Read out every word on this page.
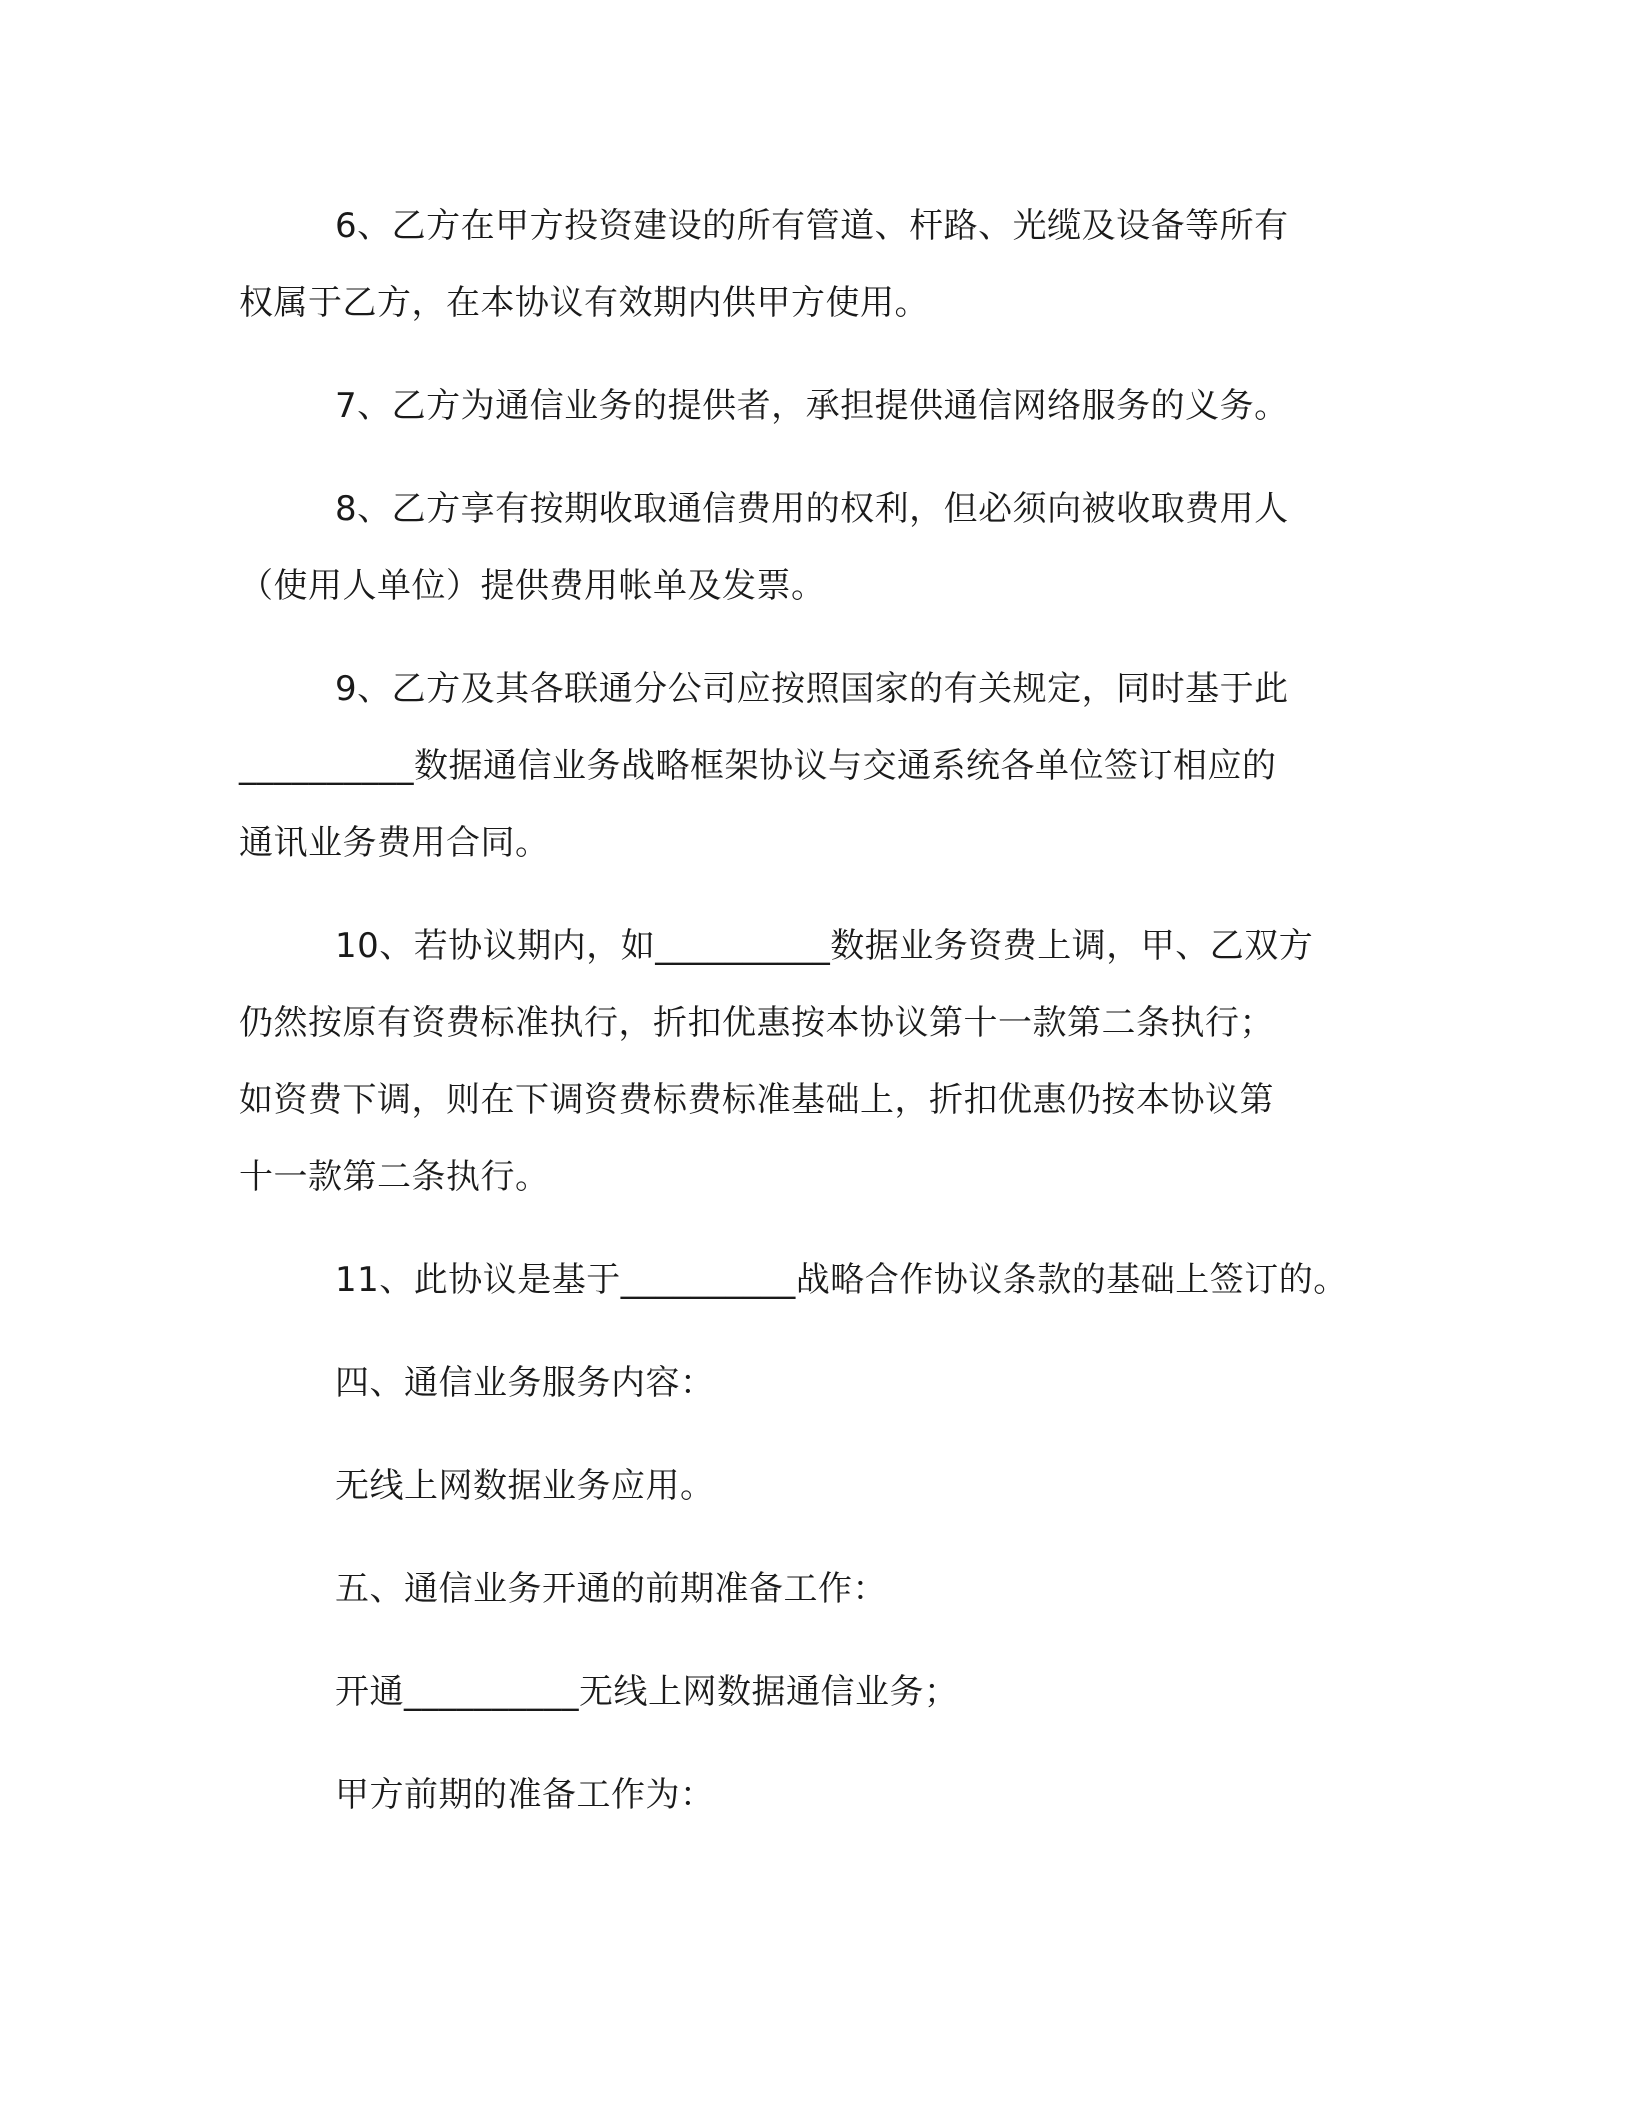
6、乙方在甲方投资建设的所有管道、杆路、光缆及设备等所有
权属于乙方，在本协议有效期内供甲方使用。

7、乙方为通信业务的提供者，承担提供通信网络服务的义务。

8、乙方享有按期收取通信费用的权利，但必须向被收取费用人
（使用人单位）提供费用帐单及发票。

9、乙方及其各联通分公司应按照国家的有关规定，同时基于此
__________数据通信业务战略框架协议与交通系统各单位签订相应的
通讯业务费用合同。

10、若协议期内，如__________数据业务资费上调，甲、乙双方
仍然按原有资费标准执行，折扣优惠按本协议第十一款第二条执行；
如资费下调，则在下调资费标费标准基础上，折扣优惠仍按本协议第
十一款第二条执行。

11、此协议是基于__________战略合作协议条款的基础上签订的。

四、通信业务服务内容：

无线上网数据业务应用。

五、通信业务开通的前期准备工作：

开通__________无线上网数据通信业务；

甲方前期的准备工作为：
